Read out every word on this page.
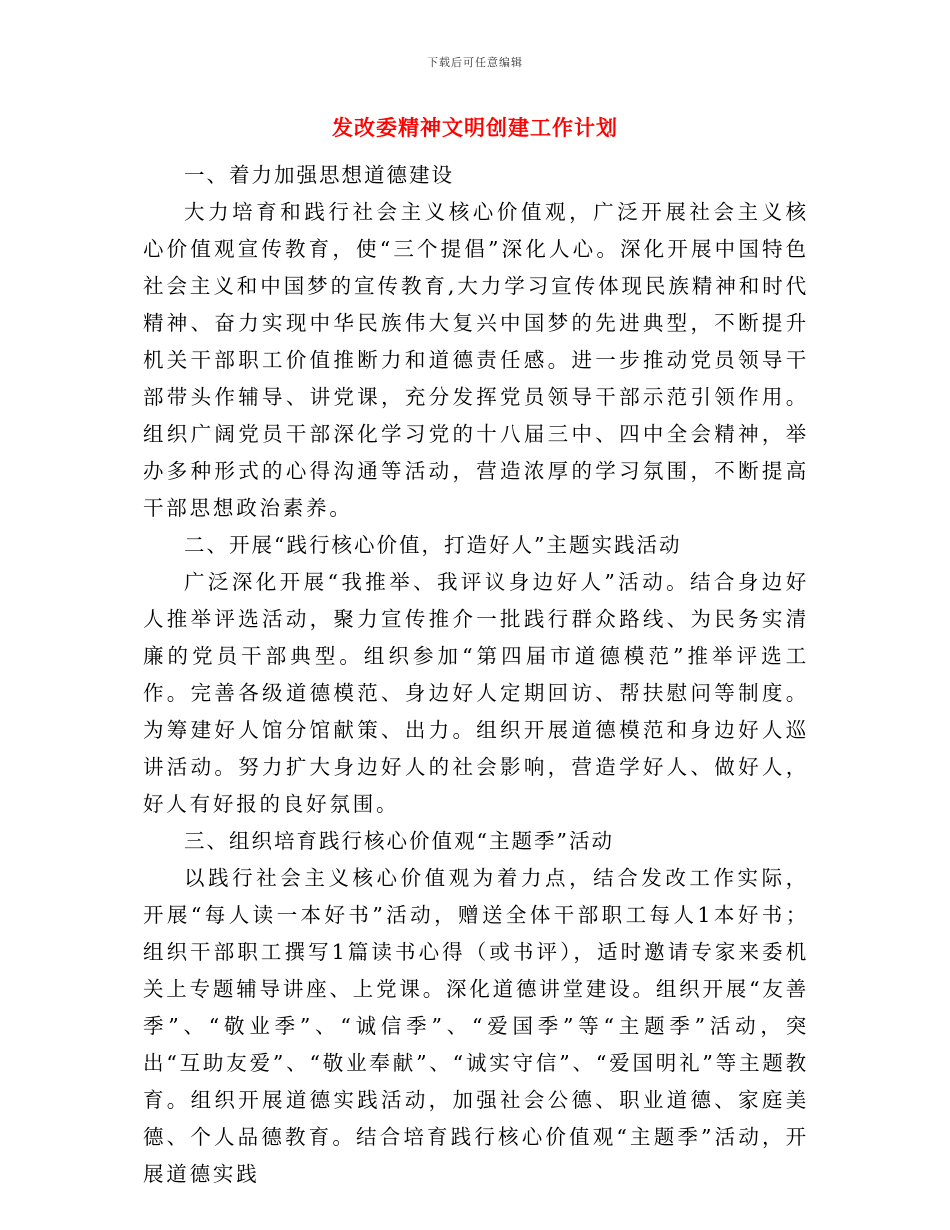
下载后可任意编辑
发改委精神文明创建工作计划

一、着力加强思想道德建设

大力培育和践行社会主义核心价值观，广泛开展社会主义核心价值观宣传教育，使“三个提倡”深化人心。深化开展中国特色社会主义和中国梦的宣传教育,大力学习宣传体现民族精神和时代精神、奋力实现中华民族伟大复兴中国梦的先进典型，不断提升机关干部职工价值推断力和道德责任感。进一步推动党员领导干部带头作辅导、讲党课，充分发挥党员领导干部示范引领作用。组织广阔党员干部深化学习党的十八届三中、四中全会精神，举办多种形式的心得沟通等活动，营造浓厚的学习氛围，不断提高干部思想政治素养。

二、开展“践行核心价值，打造好人”主题实践活动

广泛深化开展“我推举、我评议身边好人”活动。结合身边好人推举评选活动，聚力宣传推介一批践行群众路线、为民务实清廉的党员干部典型。组织参加“第四届市道德模范”推举评选工作。完善各级道德模范、身边好人定期回访、帮扶慰问等制度。为筹建好人馆分馆献策、出力。组织开展道德模范和身边好人巡讲活动。努力扩大身边好人的社会影响，营造学好人、做好人，好人有好报的良好氛围。

三、组织培育践行核心价值观“主题季”活动

以践行社会主义核心价值观为着力点，结合发改工作实际，开展“每人读一本好书”活动，赠送全体干部职工每人1本好书；组织干部职工撰写1篇读书心得（或书评），适时邀请专家来委机关上专题辅导讲座、上党课。深化道德讲堂建设。组织开展“友善季”、“敬业季”、“诚信季”、“爱国季”等“主题季”活动，突出“互助友爱”、“敬业奉献”、“诚实守信”、“爱国明礼”等主题教育。组织开展道德实践活动，加强社会公德、职业道德、家庭美德、个人品德教育。结合培育践行核心价值观“主题季”活动，开展道德实践
